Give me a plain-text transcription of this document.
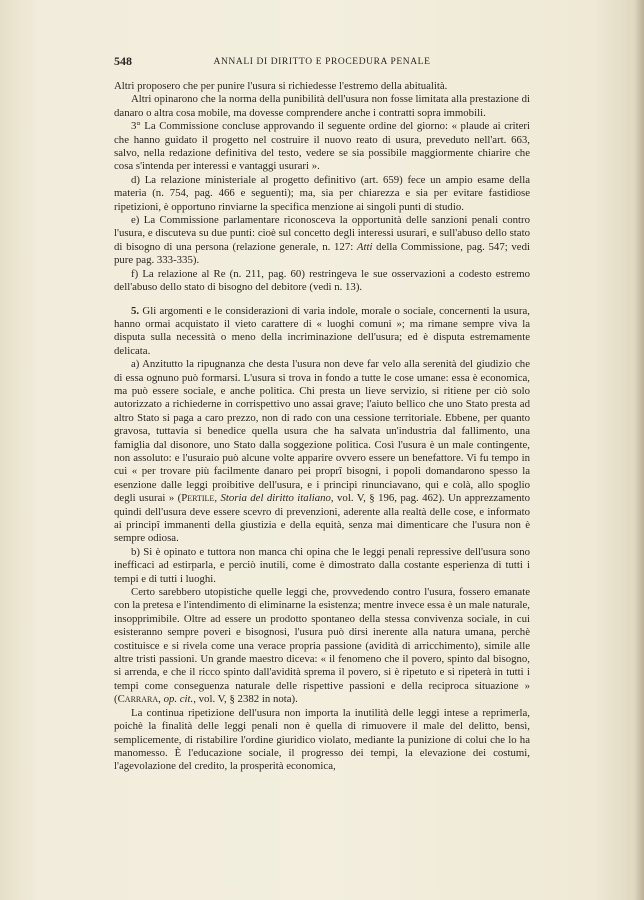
548	ANNALI DI DIRITTO E PROCEDURA PENALE

Altri proposero che per punire l'usura si richiedesse l'estremo della abitualità.

Altri opinarono che la norma della punibilità dell'usura non fosse limitata alla prestazione di danaro o altra cosa mobile, ma dovesse comprendere anche i contratti sopra immobili.

3° La Commissione concluse approvando il seguente ordine del giorno: « plaude ai criteri che hanno guidato il progetto nel costruire il nuovo reato di usura, preveduto nell'art. 663, salvo, nella redazione definitiva del testo, vedere se sia possibile maggiormente chiarire che cosa s'intenda per interessi e vantaggi usurari ».

d) La relazione ministeriale al progetto definitivo (art. 659) fece un ampio esame della materia (n. 754, pag. 466 e seguenti); ma, sia per chiarezza e sia per evitare fastidiose ripetizioni, è opportuno rinviarne la specifica menzione ai singoli punti di studio.

e) La Commissione parlamentare riconosceva la opportunità delle sanzioni penali contro l'usura, e discuteva su due punti: cioè sul concetto degli interessi usurari, e sull'abuso dello stato di bisogno di una persona (relazione generale, n. 127: Atti della Commissione, pag. 547; vedi pure pag. 333-335).

f) La relazione al Re (n. 211, pag. 60) restringeva le sue osservazioni a codesto estremo dell'abuso dello stato di bisogno del debitore (vedi n. 13).

5. Gli argomenti e le considerazioni di varia indole, morale o sociale, concernenti la usura, hanno ormai acquistato il vieto carattere di « luoghi comuni »; ma rimane sempre viva la disputa sulla necessità o meno della incriminazione dell'usura; ed è disputa estremamente delicata.

a) Anzitutto la ripugnanza che desta l'usura non deve far velo alla serenità del giudizio che di essa ognuno può formarsi. L'usura si trova in fondo a tutte le cose umane: essa è economica, ma può essere sociale, e anche politica. Chi presta un lieve servizio, si ritiene per ciò solo autorizzato a richiederne in corrispettivo uno assai grave; l'aiuto bellico che uno Stato presta ad altro Stato si paga a caro prezzo, non di rado con una cessione territoriale. Ebbene, per quanto gravosa, tuttavia si benedice quella usura che ha salvata un'industria dal fallimento, una famiglia dal disonore, uno Stato dalla soggezione politica. Così l'usura è un male contingente, non assoluto: e l'usuraio può alcune volte apparire ovvero essere un benefattore. Vi fu tempo in cui « per trovare più facilmente danaro pei proprî bisogni, i popoli domandarono spesso la esenzione dalle leggi proibitive dell'usura, e i principi rinunciavano, qui e colà, allo spoglio degli usurai » (Pertile, Storia del diritto italiano, vol. V, § 196, pag. 462). Un apprezzamento quindi dell'usura deve essere scevro di prevenzioni, aderente alla realtà delle cose, e informato ai principî immanenti della giustizia e della equità, senza mai dimenticare che l'usura non è sempre odiosa.

b) Si è opinato e tuttora non manca chi opina che le leggi penali repressive dell'usura sono inefficaci ad estirparla, e perciò inutili, come è dimostrato dalla costante esperienza di tutti i tempi e di tutti i luoghi.

Certo sarebbero utopistiche quelle leggi che, provvedendo contro l'usura, fossero emanate con la pretesa e l'intendimento di eliminarne la esistenza; mentre invece essa è un male naturale, insopprimibile. Oltre ad essere un prodotto spontaneo della stessa convivenza sociale, in cui esisteranno sempre poveri e bisognosi, l'usura può dirsi inerente alla natura umana, perchè costituisce e si rivela come una verace propria passione (avidità di arricchimento), simile alle altre tristi passioni. Un grande maestro diceva: « il fenomeno che il povero, spinto dal bisogno, si arrenda, e che il ricco spinto dall'avidità sprema il povero, si è ripetuto e si ripeterà in tutti i tempi come conseguenza naturale delle rispettive passioni e della reciproca situazione » (Carrara, op. cit., vol. V, § 2382 in nota).

La continua ripetizione dell'usura non importa la inutilità delle leggi intese a reprimerla, poichè la finalità delle leggi penali non è quella di rimuovere il male del delitto, bensì, semplicemente, di ristabilire l'ordine giuridico violato, mediante la punizione di colui che lo ha manomesso. È l'educazione sociale, il progresso dei tempi, la elevazione dei costumi, l'agevolazione del credito, la prosperità economica,
